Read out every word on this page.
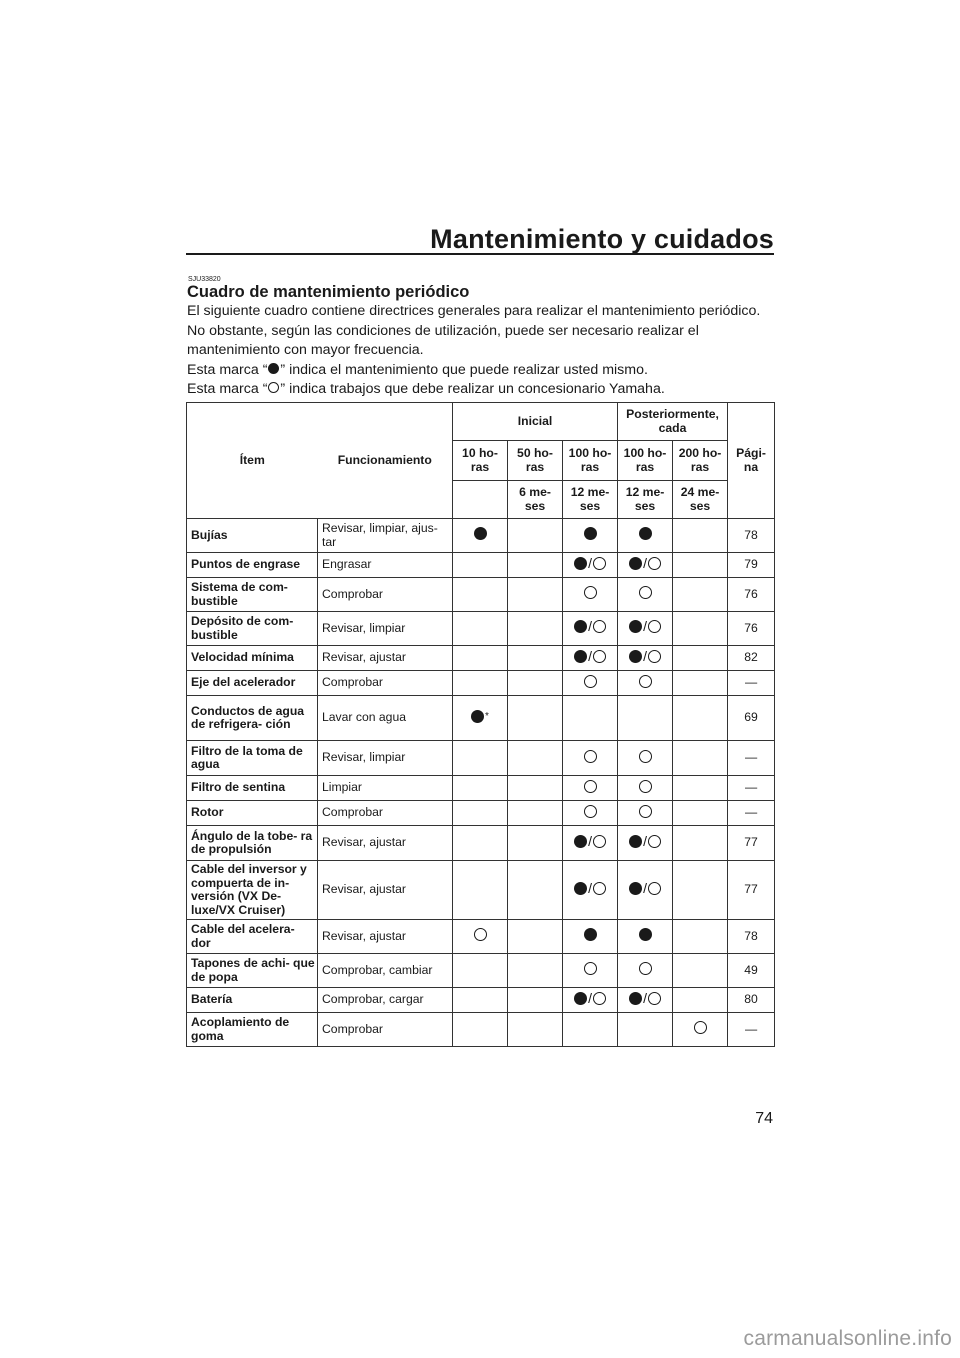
Mantenimiento y cuidados
SJU33820
Cuadro de mantenimiento periódico

El siguiente cuadro contiene directrices generales para realizar el mantenimiento periódico. No obstante, según las condiciones de utilización, puede ser necesario realizar el mantenimiento con mayor frecuencia.

Esta marca “ ” indica el mantenimiento que puede realizar usted mismo.

Esta marca “ ” indica trabajos que debe realizar un concesionario Yamaha.

Ítem	Funcionamiento	Inicial			Posteriormente, cada		Pági- na
		10 ho- ras	50 ho- ras	100 ho- ras	100 ho- ras	200 ho- ras	
			6 me- ses	12 me- ses	12 me- ses	24 me- ses	
Bujías	Revisar, limpiar, ajus- tar						78
Puntos de engrase	Engrasar			/	/		79
Sistema de com- bustible	Comprobar						76
Depósito de com- bustible	Revisar, limpiar			/	/		76
Velocidad mínima	Revisar, ajustar			/	/		82
Eje del acelerador	Comprobar						—
Conductos de agua de refrigera- ción	Lavar con agua	*					69
Filtro de la toma de agua	Revisar, limpiar						—
Filtro de sentina	Limpiar						—
Rotor	Comprobar						—
Ángulo de la tobe- ra de propulsión	Revisar, ajustar			/	/		77
Cable del inversor y compuerta de in- versión (VX De- luxe/VX Cruiser)	Revisar, ajustar			/	/		77
Cable del acelera- dor	Revisar, ajustar						78
Tapones de achi- que de popa	Comprobar, cambiar						49
Batería	Comprobar, cargar			/	/		80
Acoplamiento de goma	Comprobar						—
74
carmanualsonline.info
